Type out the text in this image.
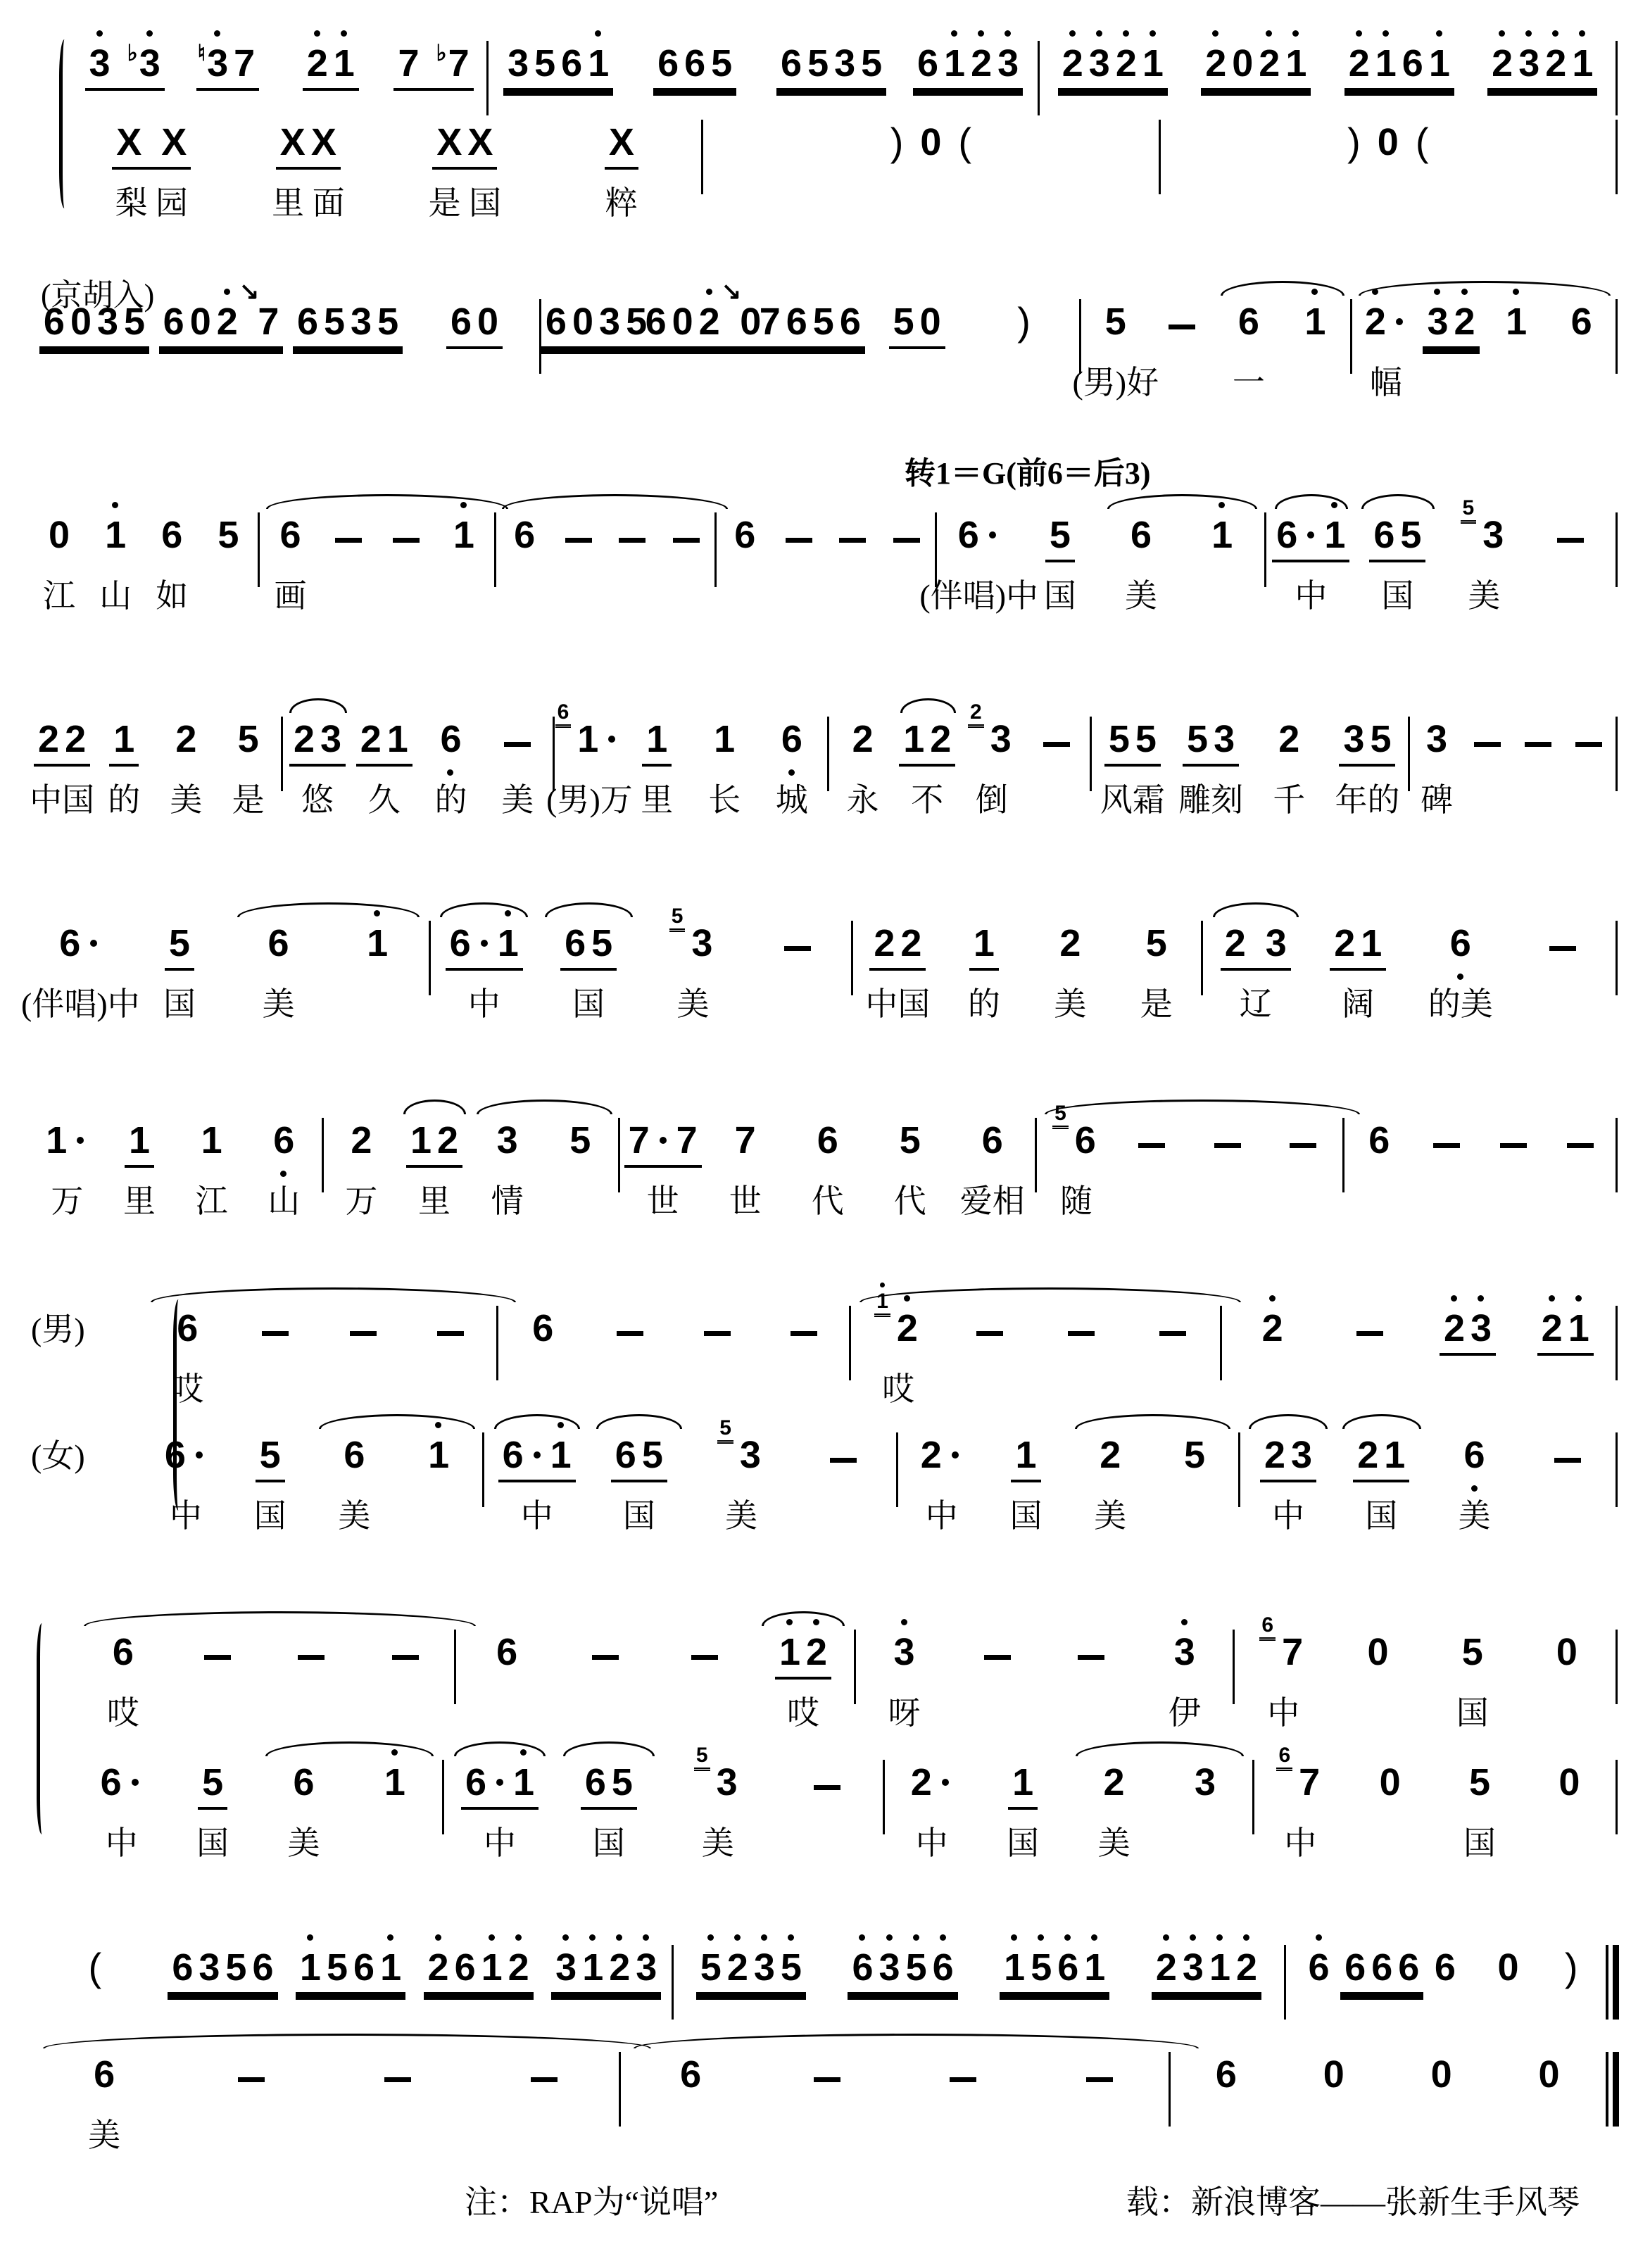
3 ♭ 3 ♮ 3 7 2 1 7 ♭ 7 3 5 6 1 6 6 5 6 5 3 5 6 1 2 3 2 3 2 1 2 0 2 1 2 1 6 1 2 3 2 1
X X
梨 园
X X
里 面
X X
是 国
X
粹
) 0 (	) 0 (
6 0 3 5 6 0 2
↘
7 6 5 3 5 6 0 6 0 3 5
6 0 2
↘
0
7 6 5 6 5 0 ) 5
(男)好
6
一
1 2
幅
3 2 1 6
0
江
1
山
6
如
5 6
画
1 6	6	6
(伴唱)中
5
国
6
美
1 6 1
中
6 5
国
5
3
美
2 2
中国
1
的
2
美
5
是
2 3
悠
2 1
久
6
的 美
6
1
(男)万
1
里
1
长
6
城
2
永
1 2
不
2
3
倒
5 5
风霜
5 3
雕刻
2
千
3 5
年的
3
碑
6
(伴唱)中
5
国
6
美
1 6 1
中
6 5
国
5
3
美
2 2
中国
1
的
2
美
5
是
2 3
辽
2 1
阔
6
的美
1
万
1
里
1
江
6
山
2
万
1 2
里
3
情
5 7 7
世
7
世
6
代
5
代
6
爱相
5
6
随
6
(男)	6
哎
6
1
2
哎
2	2 3 2 1
(女)	6
中
5
国
6
美
1 6 1
中
6 5
国
5
3
美
2
中
1
国
2
美
5 2 3
中
2 1
国
6
美
6
哎
6	1 2
哎
3
呀
3
伊
6
7
中
0 5
国
0
6
中
5
国
6
美
1 6 1
中
6 5
国
5
3
美
2
中
1
国
2
美
3
6
7
中
0 5
国
0
( 6 3 5 6 1 5 6 1 2 6 1 2 3 1 2 3 5 2 3 5 6 3 5 6 1 5 6 1 2 3 1 2 6 6 6 6 6 0 )
6
美
6	6 0 0 0
(京胡入)
转1＝G(前6＝后3)
注：RAP为“说唱”	载：新浪博客——张新生手风琴
